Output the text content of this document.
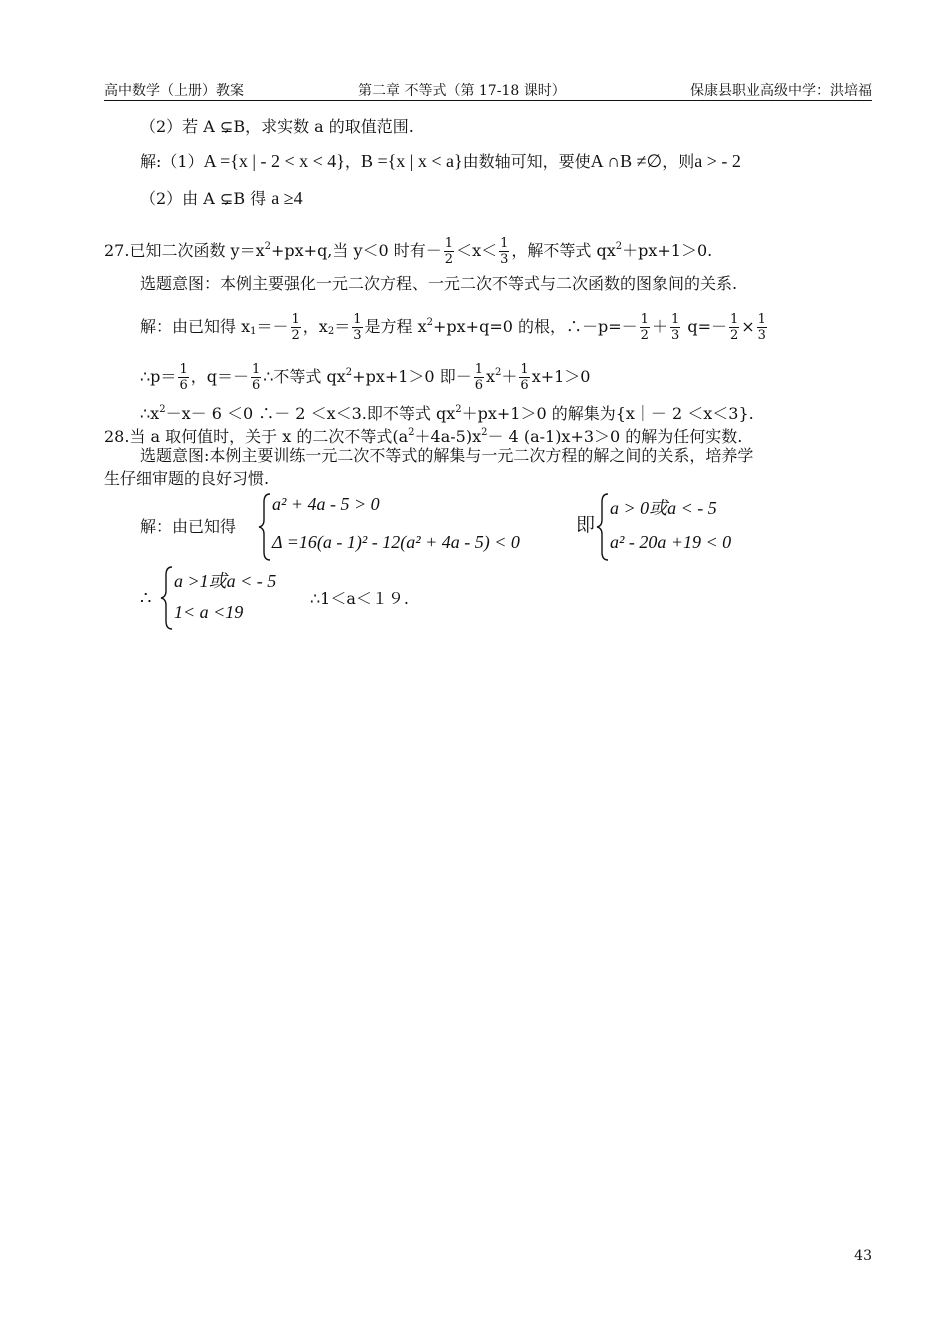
高中数学（上册）教案	第二章 不等式（第 17-18 课时）	保康县职业高级中学：洪培福
（2）若 A ⊊B，求实数 a 的取值范围.
解:（1）A ={x | - 2 < x < 4}，B ={x | x < a}由数轴可知，要使A ∩B ≠∅，则a > - 2
（2）由 A ⊊B 得 a ≥4
27.已知二次函数 $y=x^2+px+q$,当 y＜0 时有－ $\frac{1}{2} <x< \frac{1}{3}$ ，解不等式 $qx^2+px+1>0$.
选题意图：本例主要强化一元二次方程、一元二次不等式与二次函数的图象间的关系.
解：由已知得 $x_1=- \frac{1}{2}$ ，$x_2= \frac{1}{3}$ 是方程 $x^2+px+q=0$ 的根，∴－p=－ $\frac{1}{2} + \frac{1}{3} q=- \frac{1}{2} \times \frac{1}{3}$
∴p＝ $\frac{1}{6}$ ，$q=- \frac{1}{6}$ ∴不等式 $qx^2+px+1>0$ 即－ $\frac{1}{6} x^2+ \frac{1}{6} x+1>0$
$\therefore x^2-x- 6 <0$ ∴－ 2 ＜x＜3.即不等式 $qx^2+px+1>0$ 的解集为{x｜－ 2 ＜x＜3}.
28.当 a 取何值时，关于 x 的二次不等式$(a^2+4a-5)x^2- 4$ (a-1)x+3＞0 的解为任何实数.
选题意图:本例主要训练一元二次不等式的解集与一元二次方程的解之间的关系，培养学
生仔细审题的良好习惯.
解：由已知得
a² + 4a - 5 > 0
Δ =16(a - 1)² - 12(a² + 4a - 5) < 0
即
a > 0或a < - 5
a² - 20a +19 < 0
∴
a >1或a < - 5
1< a <19
∴1＜a＜１９.
43
